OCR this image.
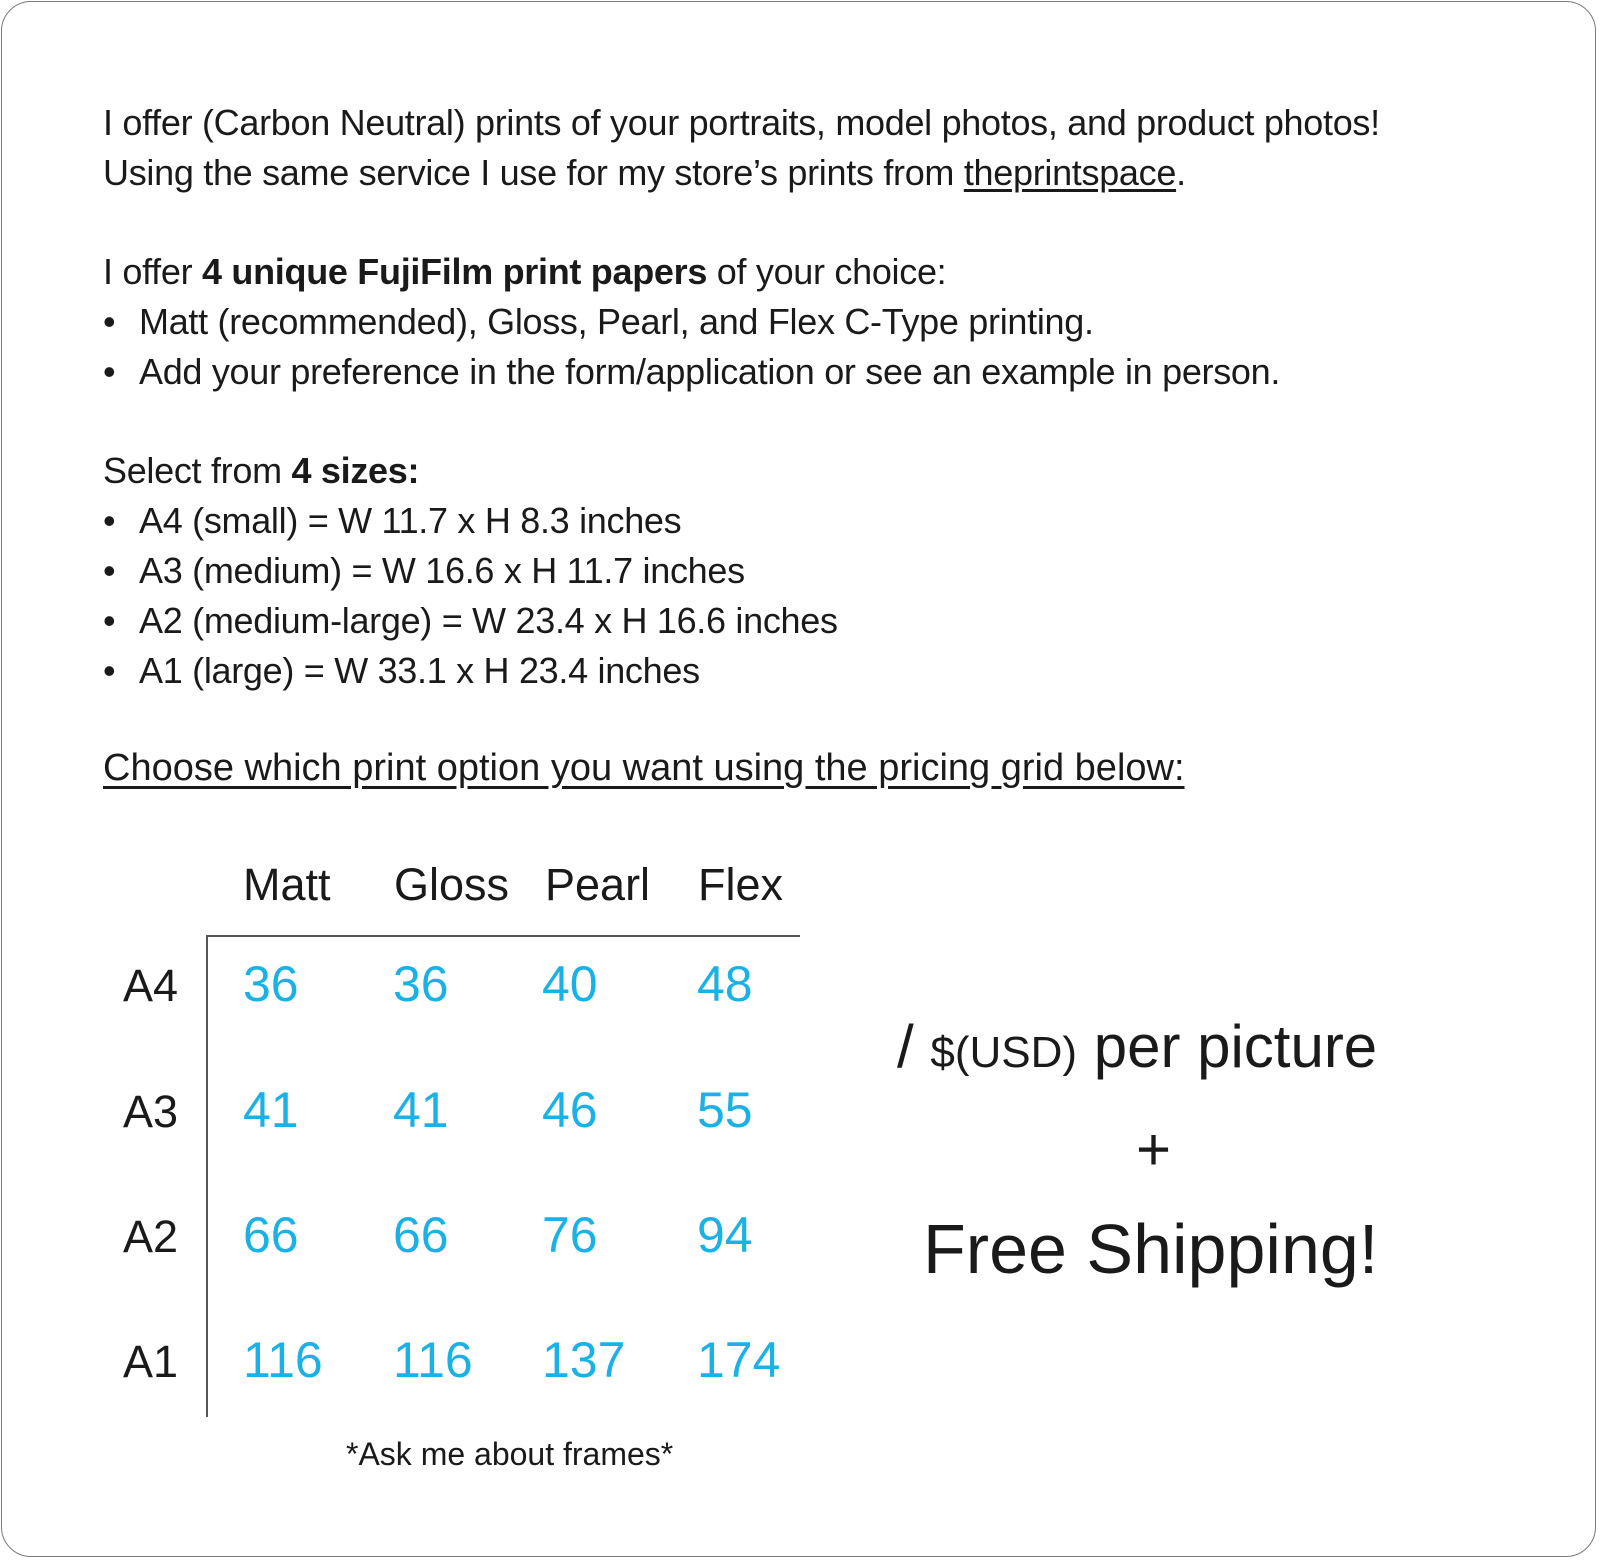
I offer (Carbon Neutral) prints of your portraits, model photos, and product photos!

Using the same service I use for my store’s prints from theprintspace.

I offer 4 unique FujiFilm print papers of your choice:

• Matt (recommended), Gloss, Pearl, and Flex C-Type printing.
• Add your preference in the form/application or see an example in person.

Select from 4 sizes:

• A4 (small) = W 11.7 x H 8.3 inches
• A3 (medium) = W 16.6 x H 11.7 inches
• A2 (medium-large) = W 23.4 x H 16.6 inches
• A1 (large) = W 33.1 x H 23.4 inches
Choose which print option you want using the pricing grid below:
Matt Gloss Pearl Flex
A4 36 36 40 48
A3 41 41 46 55
A2 66 66 76 94
A1 116 116 137 174
*Ask me about frames*
/ $(USD) per picture
+
Free Shipping!
